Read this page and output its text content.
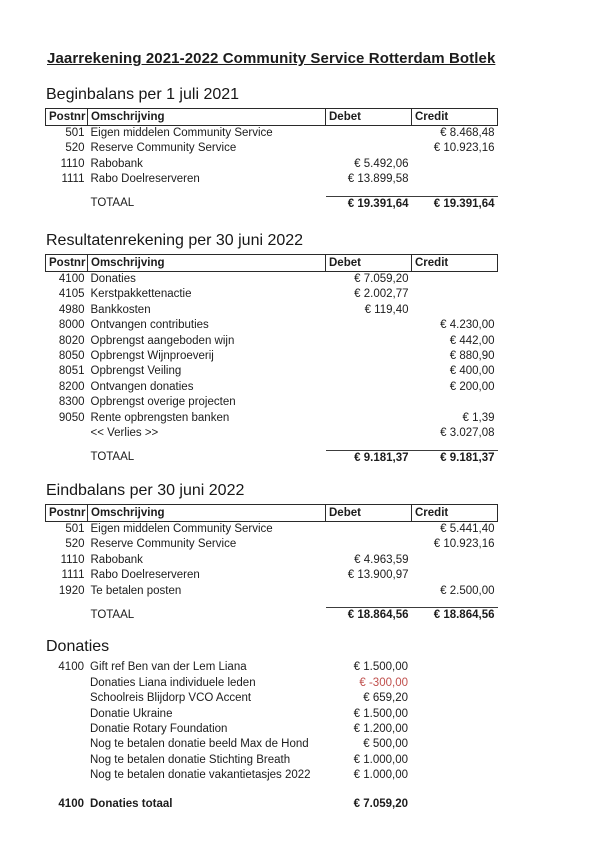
Jaarrekening 2021-2022 Community Service Rotterdam Botlek
Beginbalans per 1 juli 2021
Postnr	Omschrijving	Debet	Credit
501	Eigen middelen Community Service		€ 8.468,48
520	Reserve Community Service		€ 10.923,16
1110	Rabobank	€ 5.492,06	
1111	Rabo Doelreserveren	€ 13.899,58	

	TOTAAL	€ 19.391,64	€ 19.391,64
Resultatenrekening per 30 juni 2022
Postnr	Omschrijving	Debet	Credit
4100	Donaties	€ 7.059,20	
4105	Kerstpakkettenactie	€ 2.002,77	
4980	Bankkosten	€ 119,40	
8000	Ontvangen contributies		€ 4.230,00
8020	Opbrengst aangeboden wijn		€ 442,00
8050	Opbrengst Wijnproeverij		€ 880,90
8051	Opbrengst Veiling		€ 400,00
8200	Ontvangen donaties		€ 200,00
8300	Opbrengst overige projecten		
9050	Rente opbrengsten banken		€ 1,39
	<< Verlies >>		€ 3.027,08

	TOTAAL	€ 9.181,37	€ 9.181,37
Eindbalans per 30 juni 2022
Postnr	Omschrijving	Debet	Credit
501	Eigen middelen Community Service		€ 5.441,40
520	Reserve Community Service		€ 10.923,16
1110	Rabobank	€ 4.963,59	
1111	Rabo Doelreserveren	€ 13.900,97	
1920	Te betalen posten		€ 2.500,00

	TOTAAL	€ 18.864,56	€ 18.864,56
Donaties
4100	Gift ref Ben van der Lem Liana	€ 1.500,00	
	Donaties Liana individuele leden	€ -300,00	
	Schoolreis Blijdorp VCO Accent	€ 659,20	
	Donatie Ukraine	€ 1.500,00	
	Donatie Rotary Foundation	€ 1.200,00	
	Nog te betalen donatie beeld Max de Hond	€ 500,00	
	Nog te betalen donatie Stichting Breath	€ 1.000,00	
	Nog te betalen donatie vakantietasjes 2022	€ 1.000,00	

4100	Donaties totaal	€ 7.059,20	
